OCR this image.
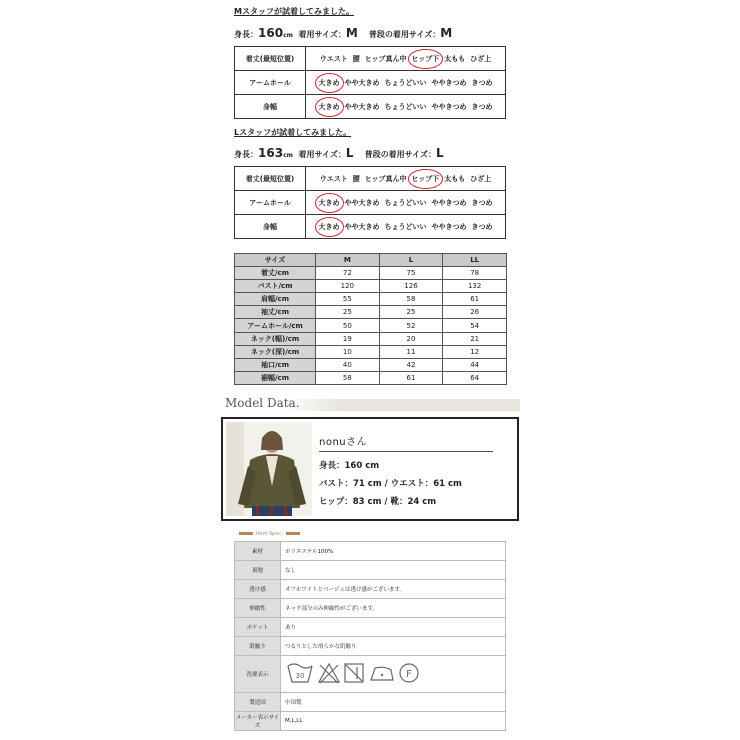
Mスタッフが試着してみました。
身長：160cm 着用サイズ：M 普段の着用サイズ：M
着丈(最短位置)	ウエスト 腰 ヒップ真ん中 ヒップ下 太もも ひざ上
アームホール	大きめ やや大きめ ちょうどいい ややきつめ きつめ
身幅	大きめ やや大きめ ちょうどいい ややきつめ きつめ
Lスタッフが試着してみました。
身長：163cm 着用サイズ：L 普段の着用サイズ：L
着丈(最短位置)	ウエスト 腰 ヒップ真ん中 ヒップ下 太もも ひざ上
アームホール	大きめ やや大きめ ちょうどいい ややきつめ きつめ
身幅	大きめ やや大きめ ちょうどいい ややきつめ きつめ
サイズ	M	L	LL
着丈/cm	72	75	78
バスト/cm	120	126	132
肩幅/cm	55	58	61
袖丈/cm	25	25	26
アームホール/cm	50	52	54
ネック(幅)/cm	19	20	21
ネック(深)/cm	10	11	12
袖口/cm	40	42	44
裾幅/cm	58	61	64
Model Data.
nonuさん
身長：160 cm
バスト：71 cm / ウエスト：61 cm
ヒップ：83 cm / 靴：24 cm
Item Spec.
素材	ポリエステル100%
裏地	なし
透け感	オフホワイトとベージュは透け感がございます。
伸縮性	ネック部分のみ伸縮性がございます。
ポケット	あり
肌触り	つるりとした滑らかな肌触り
洗濯表示	30 F

製造国	中国製
メーカー表示サイズ	M,L,LL
